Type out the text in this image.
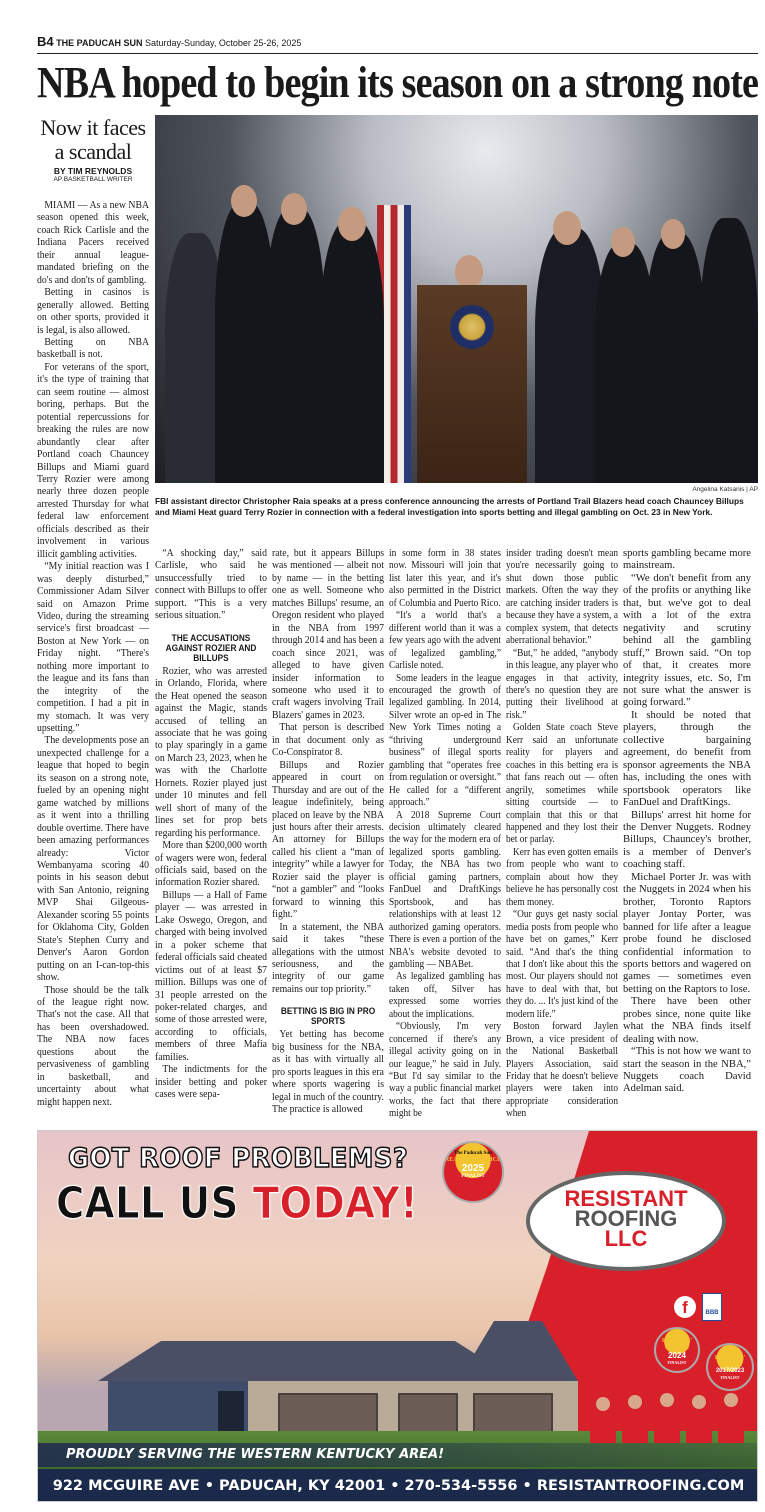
B4 THE PADUCAH SUN Saturday-Sunday, October 25-26, 2025
NBA hoped to begin its season on a strong note
Now it faces a scandal
BY TIM REYNOLDS
AP BASKETBALL WRITER
Angelina Katsanis | AP
FBI assistant director Christopher Raia speaks at a press conference announcing the arrests of Portland Trail Blazers head coach Chauncey Billups and Miami Heat guard Terry Rozier in connection with a federal investigation into sports betting and illegal gambling on Oct. 23 in New York.

MIAMI — As a new NBA season opened this week, coach Rick Carlisle and the Indiana Pacers received their annual league-mandated briefing on the do's and don'ts of gambling.

Betting in casinos is generally allowed. Betting on other sports, provided it is legal, is also allowed.

Betting on NBA basketball is not.

For veterans of the sport, it's the type of training that can seem routine — almost boring, perhaps. But the potential repercussions for breaking the rules are now abundantly clear after Portland coach Chauncey Billups and Miami guard Terry Rozier were among nearly three dozen people arrested Thursday for what federal law enforcement officials described as their involvement in various illicit gambling activities.

“My initial reaction was I was deeply disturbed,” Commissioner Adam Silver said on Amazon Prime Video, during the streaming service's first broadcast — Boston at New York — on Friday night. “There's nothing more important to the league and its fans than the integrity of the competition. I had a pit in my stomach. It was very upsetting.”

The developments pose an unexpected challenge for a league that hoped to begin its season on a strong note, fueled by an opening night game watched by millions as it went into a thrilling double overtime. There have been amazing performances already: Victor Wembanyama scoring 40 points in his season debut with San Antonio, reigning MVP Shai Gilgeous-Alexander scoring 55 points for Oklahoma City, Golden State's Stephen Curry and Denver's Aaron Gordon putting on an I-can-top-this show.

Those should be the talk of the league right now. That's not the case. All that has been overshadowed. The NBA now faces questions about the pervasiveness of gambling in basketball, and uncertainty about what might happen next.

“A shocking day,” said Carlisle, who said he unsuccessfully tried to connect with Billups to offer support. “This is a very serious situation.”

THE ACCUSATIONS AGAINST ROZIER AND BILLUPS

Rozier, who was arrested in Orlando, Florida, where the Heat opened the season against the Magic, stands accused of telling an associate that he was going to play sparingly in a game on March 23, 2023, when he was with the Charlotte Hornets. Rozier played just under 10 minutes and fell well short of many of the lines set for prop bets regarding his performance.

More than $200,000 worth of wagers were won, federal officials said, based on the information Rozier shared.

Billups — a Hall of Fame player — was arrested in Lake Oswego, Oregon, and charged with being involved in a poker scheme that federal officials said cheated victims out of at least $7 million. Billups was one of 31 people arrested on the poker-related charges, and some of those arrested were, according to officials, members of three Mafia families.

The indictments for the insider betting and poker cases were sepa-

rate, but it appears Billups was mentioned — albeit not by name — in the betting one as well. Someone who matches Billups' resume, an Oregon resident who played in the NBA from 1997 through 2014 and has been a coach since 2021, was alleged to have given insider information to someone who used it to craft wagers involving Trail Blazers' games in 2023.

That person is described in that document only as Co-Conspirator 8.

Billups and Rozier appeared in court on Thursday and are out of the league indefinitely, being placed on leave by the NBA just hours after their arrests. An attorney for Billups called his client a “man of integrity” while a lawyer for Rozier said the player is “not a gambler” and “looks forward to winning this fight.”

In a statement, the NBA said it takes “these allegations with the utmost seriousness, and the integrity of our game remains our top priority.”

BETTING IS BIG IN PRO SPORTS

Yet betting has become big business for the NBA, as it has with virtually all pro sports leagues in this era where sports wagering is legal in much of the country. The practice is allowed

in some form in 38 states now. Missouri will join that list later this year, and it's also permitted in the District of Columbia and Puerto Rico.

“It's a world that's a different world than it was a few years ago with the advent of legalized gambling,” Carlisle noted.

Some leaders in the league encouraged the growth of legalized gambling. In 2014, Silver wrote an op-ed in The New York Times noting a “thriving underground business” of illegal sports gambling that “operates free from regulation or oversight.” He called for a “different approach.”

A 2018 Supreme Court decision ultimately cleared the way for the modern era of legalized sports gambling. Today, the NBA has two official gaming partners, FanDuel and DraftKings Sportsbook, and has relationships with at least 12 authorized gaming operators. There is even a portion of the NBA's website devoted to gambling — NBABet.

As legalized gambling has taken off, Silver has expressed some worries about the implications.

“Obviously, I'm very concerned if there's any illegal activity going on in our league,” he said in July. “But I'd say similar to the way a public financial market works, the fact that there might be

insider trading doesn't mean you're necessarily going to shut down those public markets. Often the way they are catching insider traders is because they have a system, a complex system, that detects aberrational behavior.”

“But,” he added, “anybody in this league, any player who engages in that activity, there's no question they are putting their livelihood at risk.”

Golden State coach Steve Kerr said an unfortunate reality for players and coaches in this betting era is that fans reach out — often angrily, sometimes while sitting courtside — to complain that this or that happened and they lost their bet or parlay.

Kerr has even gotten emails from people who want to complain about how they believe he has personally cost them money.

“Our guys get nasty social media posts from people who have bet on games,” Kerr said. “And that's the thing that I don't like about this the most. Our players should not have to deal with that, but they do. ... It's just kind of the modern life.”

Boston forward Jaylen Brown, a vice president of the National Basketball Players Association, said Friday that he doesn't believe players were taken into appropriate consideration when

sports gambling became more mainstream.

“We don't benefit from any of the profits or anything like that, but we've got to deal with a lot of the extra negativity and scrutiny behind all the gambling stuff,” Brown said. “On top of that, it creates more integrity issues, etc. So, I'm not sure what the answer is going forward.”

It should be noted that players, through the collective bargaining agreement, do benefit from sponsor agreements the NBA has, including the ones with sportsbook operators like FanDuel and DraftKings.

Billups' arrest hit home for the Denver Nuggets. Rodney Billups, Chauncey's brother, is a member of Denver's coaching staff.

Michael Porter Jr. was with the Nuggets in 2024 when his brother, Toronto Raptors player Jontay Porter, was banned for life after a league probe found he disclosed confidential information to sports bettors and wagered on games — sometimes even betting on the Raptors to lose.

There have been other probes since, none quite like what the NBA finds itself dealing with now.

“This is not how we want to start the season in the NBA,” Nuggets coach David Adelman said.

GOT ROOF PROBLEMS?
CALL US TODAY!
The Paducah Sun
READERS' CHOICE
2025
FINALIST
RESISTANT
ROOFING
LLC
f	BBB
READERS' CHOICE
2024
FINALIST
READERS' CHOICE
2017/2023
FINALIST
PROUDLY SERVING THE WESTERN KENTUCKY AREA!
922 MCGUIRE AVE • PADUCAH, KY 42001 • 270-534-5556 • RESISTANTROOFING.COM
